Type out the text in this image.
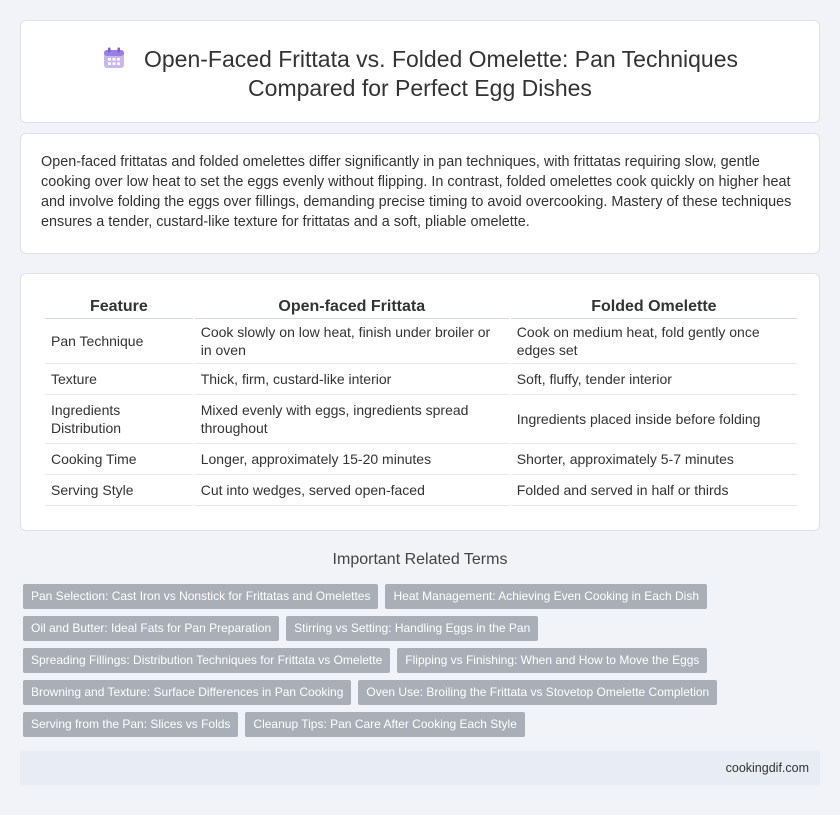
Open-Faced Frittata vs. Folded Omelette: Pan Techniques
Compared for Perfect Egg Dishes

Open-faced frittatas and folded omelettes differ significantly in pan techniques, with frittatas requiring slow, gentle cooking over low heat to set the eggs evenly without flipping. In contrast, folded omelettes cook quickly on higher heat and involve folding the eggs over fillings, demanding precise timing to avoid overcooking. Mastery of these techniques ensures a tender, custard-like texture for frittatas and a soft, pliable omelette.

Feature	Open-faced Frittata	Folded Omelette
Pan Technique	Cook slowly on low heat, finish under broiler or in oven	Cook on medium heat, fold gently once edges set
Texture	Thick, firm, custard-like interior	Soft, fluffy, tender interior
Ingredients Distribution	Mixed evenly with eggs, ingredients spread throughout	Ingredients placed inside before folding
Cooking Time	Longer, approximately 15-20 minutes	Shorter, approximately 5-7 minutes
Serving Style	Cut into wedges, served open-faced	Folded and served in half or thirds
Important Related Terms
Pan Selection: Cast Iron vs Nonstick for Frittatas and Omelettes	Heat Management: Achieving Even Cooking in Each Dish
Oil and Butter: Ideal Fats for Pan Preparation	Stirring vs Setting: Handling Eggs in the Pan
Spreading Fillings: Distribution Techniques for Frittata vs Omelette	Flipping vs Finishing: When and How to Move the Eggs
Browning and Texture: Surface Differences in Pan Cooking	Oven Use: Broiling the Frittata vs Stovetop Omelette Completion
Serving from the Pan: Slices vs Folds	Cleanup Tips: Pan Care After Cooking Each Style
cookingdif.com
